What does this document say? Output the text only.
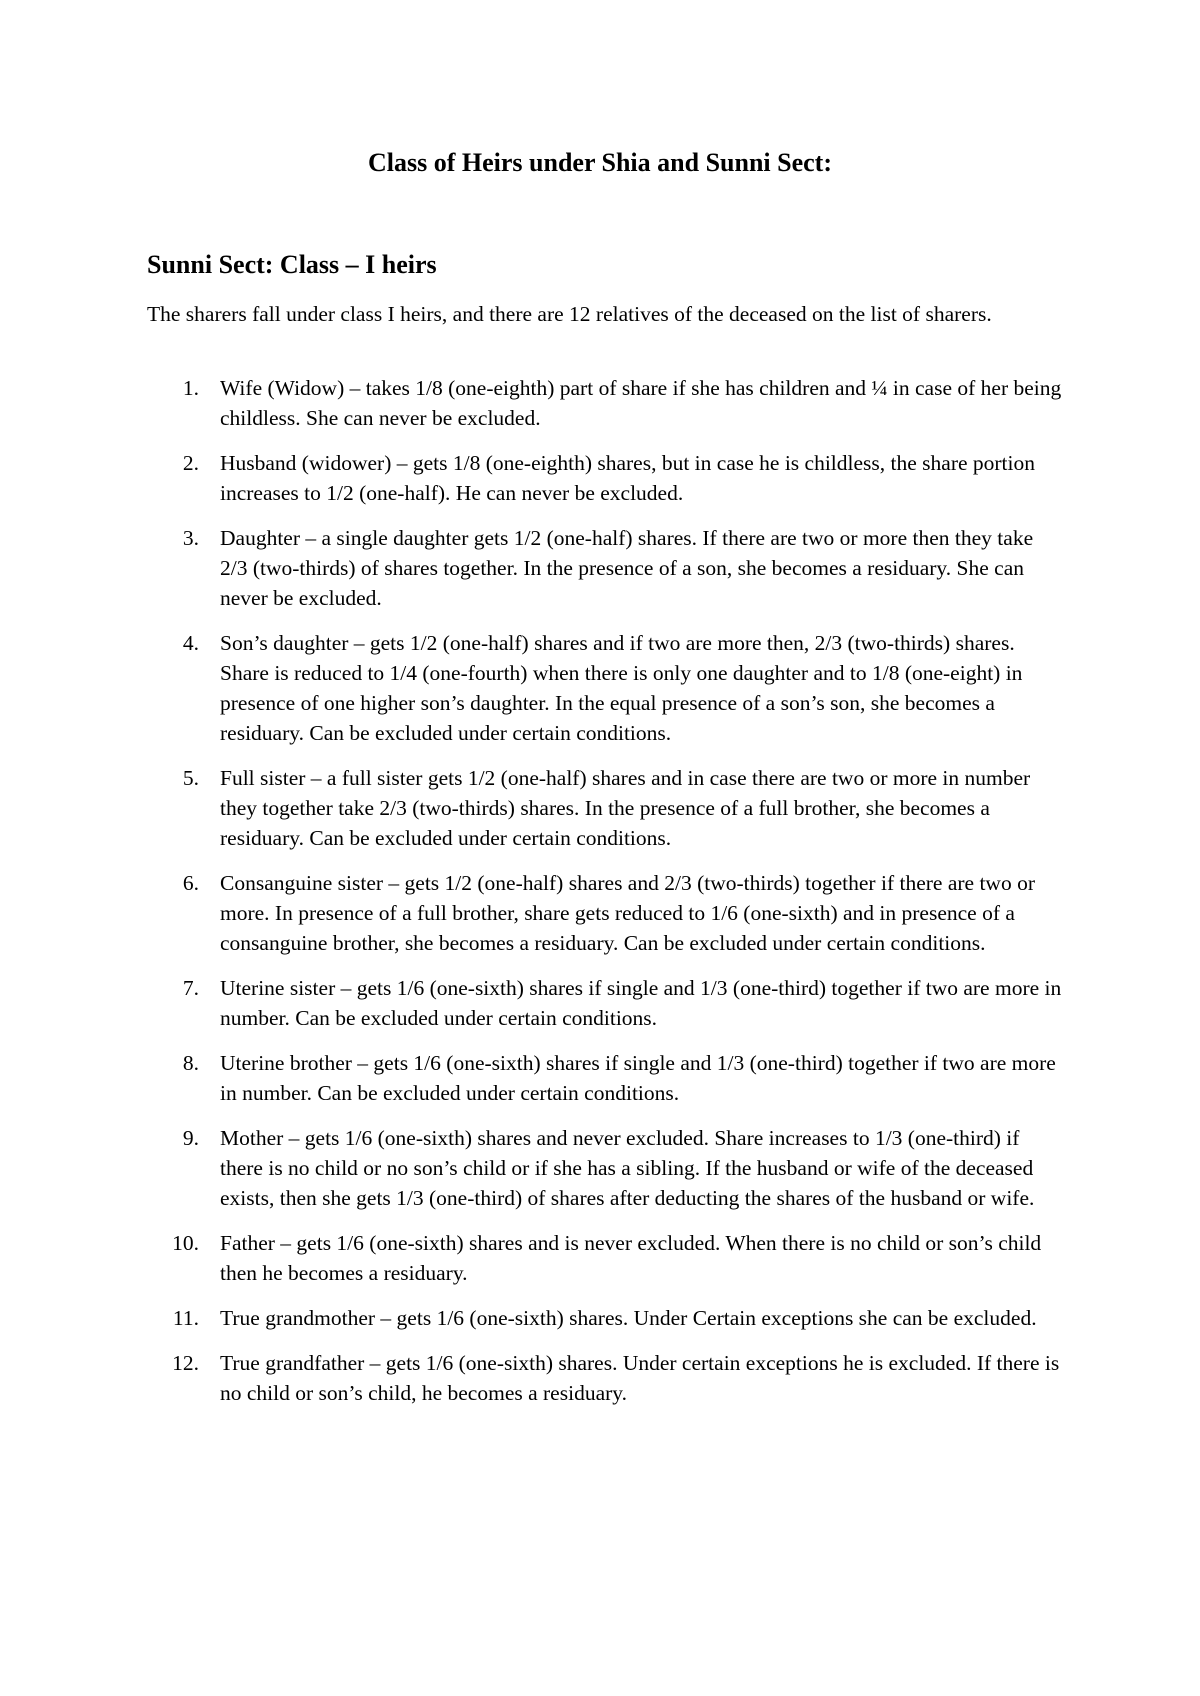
Class of Heirs under Shia and Sunni Sect:
Sunni Sect: Class – I heirs

The sharers fall under class I heirs, and there are 12 relatives of the deceased on the list of sharers.

1. Wife (Widow) – takes 1/8 (one-eighth) part of share if she has children and ¼ in case of her being childless. She can never be excluded.
2. Husband (widower) – gets 1/8 (one-eighth) shares, but in case he is childless, the share portion increases to 1/2 (one-half). He can never be excluded.
3. Daughter – a single daughter gets 1/2 (one-half) shares. If there are two or more then they take 2/3 (two-thirds) of shares together. In the presence of a son, she becomes a residuary. She can never be excluded.
4. Son’s daughter – gets 1/2 (one-half) shares and if two are more then, 2/3 (two-thirds) shares. Share is reduced to 1/4 (one-fourth) when there is only one daughter and to 1/8 (one-eight) in presence of one higher son’s daughter. In the equal presence of a son’s son, she becomes a residuary. Can be excluded under certain conditions.
5. Full sister – a full sister gets 1/2 (one-half) shares and in case there are two or more in number they together take 2/3 (two-thirds) shares. In the presence of a full brother, she becomes a residuary. Can be excluded under certain conditions.
6. Consanguine sister – gets 1/2 (one-half) shares and 2/3 (two-thirds) together if there are two or more. In presence of a full brother, share gets reduced to 1/6 (one-sixth) and in presence of a consanguine brother, she becomes a residuary. Can be excluded under certain conditions.
7. Uterine sister – gets 1/6 (one-sixth) shares if single and 1/3 (one-third) together if two are more in number. Can be excluded under certain conditions.
8. Uterine brother – gets 1/6 (one-sixth) shares if single and 1/3 (one-third) together if two are more in number. Can be excluded under certain conditions.
9. Mother – gets 1/6 (one-sixth) shares and never excluded. Share increases to 1/3 (one-third) if there is no child or no son’s child or if she has a sibling. If the husband or wife of the deceased exists, then she gets 1/3 (one-third) of shares after deducting the shares of the husband or wife.
10. Father – gets 1/6 (one-sixth) shares and is never excluded. When there is no child or son’s child then he becomes a residuary.
11. True grandmother – gets 1/6 (one-sixth) shares. Under Certain exceptions she can be excluded.
12. True grandfather – gets 1/6 (one-sixth) shares. Under certain exceptions he is excluded. If there is no child or son’s child, he becomes a residuary.
